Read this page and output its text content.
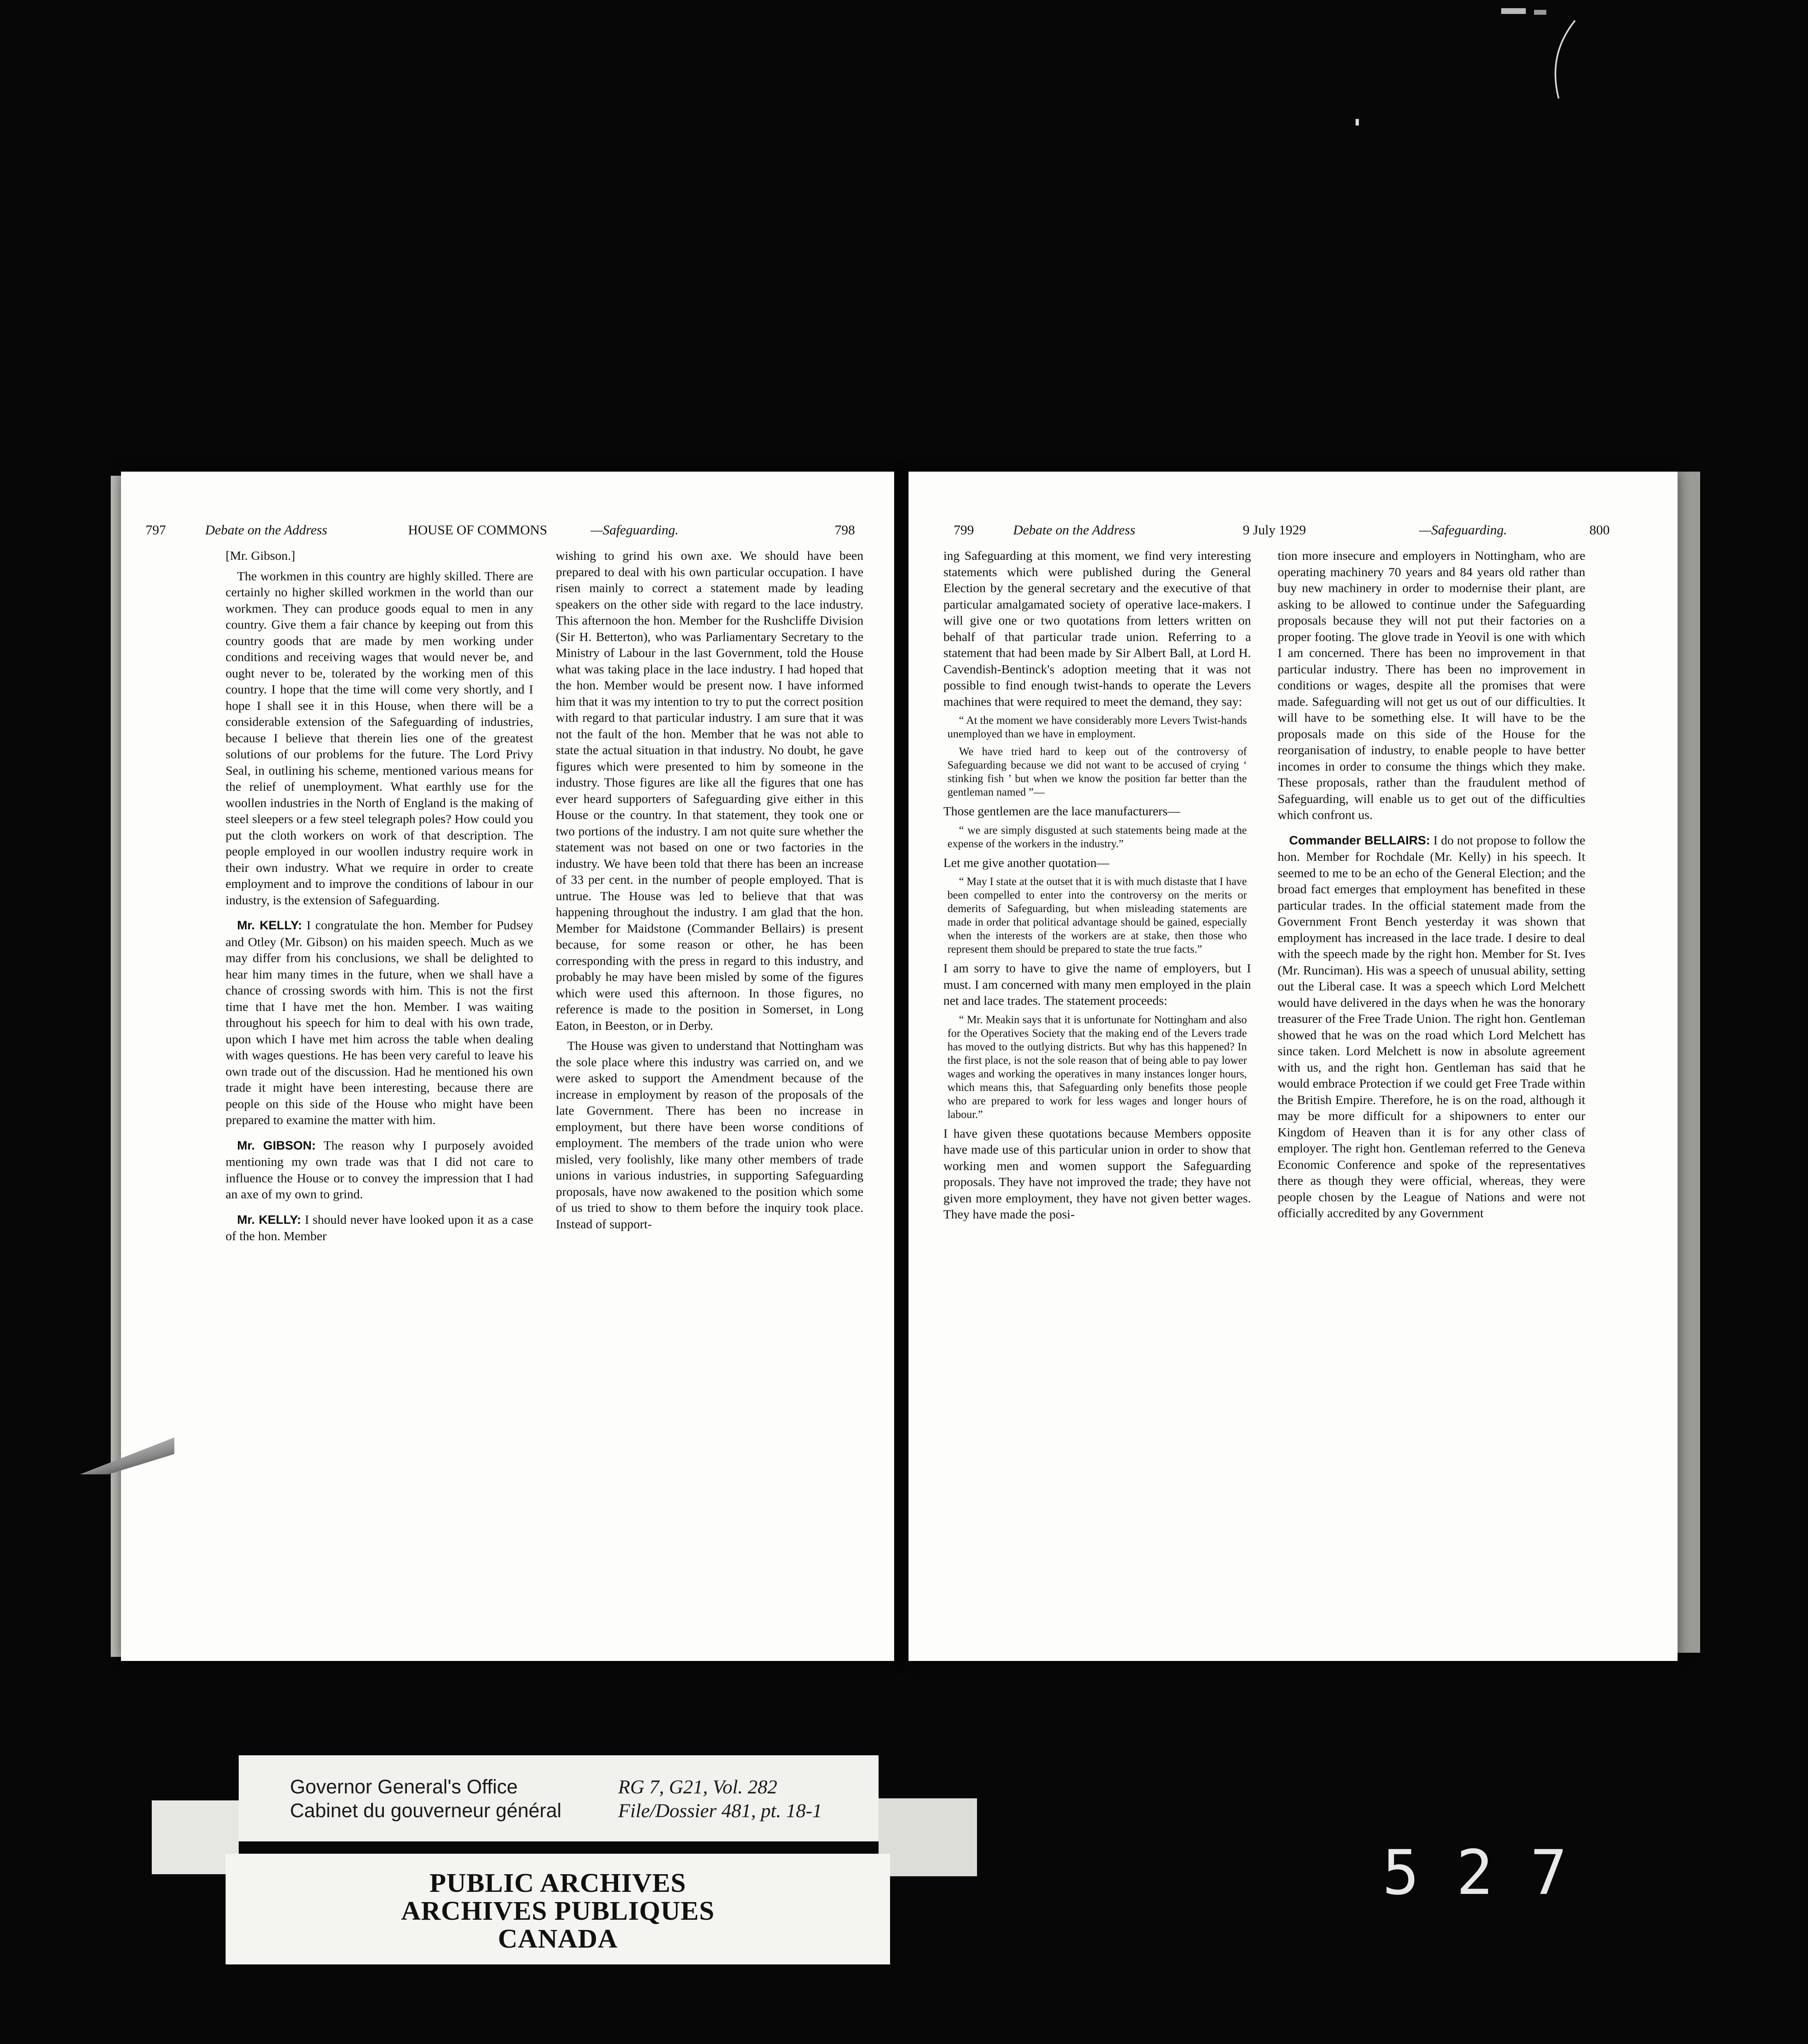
797	Debate on the Address	HOUSE OF COMMONS	—Safeguarding.	798

[Mr. Gibson.]

The workmen in this country are highly skilled. There are certainly no higher skilled workmen in the world than our workmen. They can produce goods equal to men in any country. Give them a fair chance by keeping out from this country goods that are made by men working under conditions and receiving wages that would never be, and ought never to be, tolerated by the working men of this country. I hope that the time will come very shortly, and I hope I shall see it in this House, when there will be a considerable extension of the Safeguarding of industries, because I believe that therein lies one of the greatest solutions of our problems for the future. The Lord Privy Seal, in outlining his scheme, mentioned various means for the relief of unemployment. What earthly use for the woollen industries in the North of England is the making of steel sleepers or a few steel telegraph poles? How could you put the cloth workers on work of that description. The people employed in our woollen industry require work in their own industry. What we require in order to create employment and to improve the conditions of labour in our industry, is the extension of Safeguarding.

Mr. KELLY: I congratulate the hon. Member for Pudsey and Otley (Mr. Gibson) on his maiden speech. Much as we may differ from his conclusions, we shall be delighted to hear him many times in the future, when we shall have a chance of crossing swords with him. This is not the first time that I have met the hon. Member. I was waiting throughout his speech for him to deal with his own trade, upon which I have met him across the table when dealing with wages questions. He has been very careful to leave his own trade out of the discussion. Had he mentioned his own trade it might have been interesting, because there are people on this side of the House who might have been prepared to examine the matter with him.

Mr. GIBSON: The reason why I purposely avoided mentioning my own trade was that I did not care to influence the House or to convey the impression that I had an axe of my own to grind.

Mr. KELLY: I should never have looked upon it as a case of the hon. Member

wishing to grind his own axe. We should have been prepared to deal with his own particular occupation. I have risen mainly to correct a statement made by leading speakers on the other side with regard to the lace industry. This afternoon the hon. Member for the Rushcliffe Division (Sir H. Betterton), who was Parliamentary Secretary to the Ministry of Labour in the last Government, told the House what was taking place in the lace industry. I had hoped that the hon. Member would be present now. I have informed him that it was my intention to try to put the correct position with regard to that particular industry. I am sure that it was not the fault of the hon. Member that he was not able to state the actual situation in that industry. No doubt, he gave figures which were presented to him by someone in the industry. Those figures are like all the figures that one has ever heard supporters of Safeguarding give either in this House or the country. In that statement, they took one or two portions of the industry. I am not quite sure whether the statement was not based on one or two factories in the industry. We have been told that there has been an increase of 33 per cent. in the number of people employed. That is untrue. The House was led to believe that that was happening throughout the industry. I am glad that the hon. Member for Maidstone (Commander Bellairs) is present because, for some reason or other, he has been corresponding with the press in regard to this industry, and probably he may have been misled by some of the figures which were used this afternoon. In those figures, no reference is made to the position in Somerset, in Long Eaton, in Beeston, or in Derby.

The House was given to understand that Nottingham was the sole place where this industry was carried on, and we were asked to support the Amendment because of the increase in employment by reason of the proposals of the late Government. There has been no increase in employment, but there have been worse conditions of employment. The members of the trade union who were misled, very foolishly, like many other members of trade unions in various industries, in supporting Safeguarding proposals, have now awakened to the position which some of us tried to show to them before the inquiry took place. Instead of support-

799	Debate on the Address	9 July 1929	—Safeguarding.	800

ing Safeguarding at this moment, we find very interesting statements which were published during the General Election by the general secretary and the executive of that particular amalgamated society of operative lace-makers. I will give one or two quotations from letters written on behalf of that particular trade union. Referring to a statement that had been made by Sir Albert Ball, at Lord H. Cavendish-Bentinck's adoption meeting that it was not possible to find enough twist-hands to operate the Levers machines that were required to meet the demand, they say:

“ At the moment we have considerably more Levers Twist-hands unemployed than we have in employment.

We have tried hard to keep out of the controversy of Safeguarding because we did not want to be accused of crying ‘ stinking fish ’ but when we know the position far better than the gentleman named ”—

Those gentlemen are the lace manufacturers—

“ we are simply disgusted at such statements being made at the expense of the workers in the industry.”

Let me give another quotation—

“ May I state at the outset that it is with much distaste that I have been compelled to enter into the controversy on the merits or demerits of Safeguarding, but when misleading statements are made in order that political advantage should be gained, especially when the interests of the workers are at stake, then those who represent them should be prepared to state the true facts.”

I am sorry to have to give the name of employers, but I must. I am concerned with many men employed in the plain net and lace trades. The statement proceeds:

“ Mr. Meakin says that it is unfortunate for Nottingham and also for the Operatives Society that the making end of the Levers trade has moved to the outlying districts. But why has this happened? In the first place, is not the sole reason that of being able to pay lower wages and working the operatives in many instances longer hours, which means this, that Safeguarding only benefits those people who are prepared to work for less wages and longer hours of labour.”

I have given these quotations because Members opposite have made use of this particular union in order to show that working men and women support the Safeguarding proposals. They have not improved the trade; they have not given more employment, they have not given better wages. They have made the posi-

tion more insecure and employers in Nottingham, who are operating machinery 70 years and 84 years old rather than buy new machinery in order to modernise their plant, are asking to be allowed to continue under the Safeguarding proposals because they will not put their factories on a proper footing. The glove trade in Yeovil is one with which I am concerned. There has been no improvement in that particular industry. There has been no improvement in conditions or wages, despite all the promises that were made. Safeguarding will not get us out of our difficulties. It will have to be something else. It will have to be the proposals made on this side of the House for the reorganisation of industry, to enable people to have better incomes in order to consume the things which they make. These proposals, rather than the fraudulent method of Safeguarding, will enable us to get out of the difficulties which confront us.

Commander BELLAIRS: I do not propose to follow the hon. Member for Rochdale (Mr. Kelly) in his speech. It seemed to me to be an echo of the General Election; and the broad fact emerges that employment has benefited in these particular trades. In the official statement made from the Government Front Bench yesterday it was shown that employment has increased in the lace trade. I desire to deal with the speech made by the right hon. Member for St. Ives (Mr. Runciman). His was a speech of unusual ability, setting out the Liberal case. It was a speech which Lord Melchett would have delivered in the days when he was the honorary treasurer of the Free Trade Union. The right hon. Gentleman showed that he was on the road which Lord Melchett has since taken. Lord Melchett is now in absolute agreement with us, and the right hon. Gentleman has said that he would embrace Protection if we could get Free Trade within the British Empire. Therefore, he is on the road, although it may be more difficult for a shipowners to enter our Kingdom of Heaven than it is for any other class of employer. The right hon. Gentleman referred to the Geneva Economic Conference and spoke of the representatives there as though they were official, whereas, they were people chosen by the League of Nations and were not officially accredited by any Government

Governor General's Office
Cabinet du gouverneur général
RG 7, G21, Vol. 282
File/Dossier 481, pt. 18-1
PUBLIC ARCHIVES
ARCHIVES PUBLIQUES
CANADA
527
